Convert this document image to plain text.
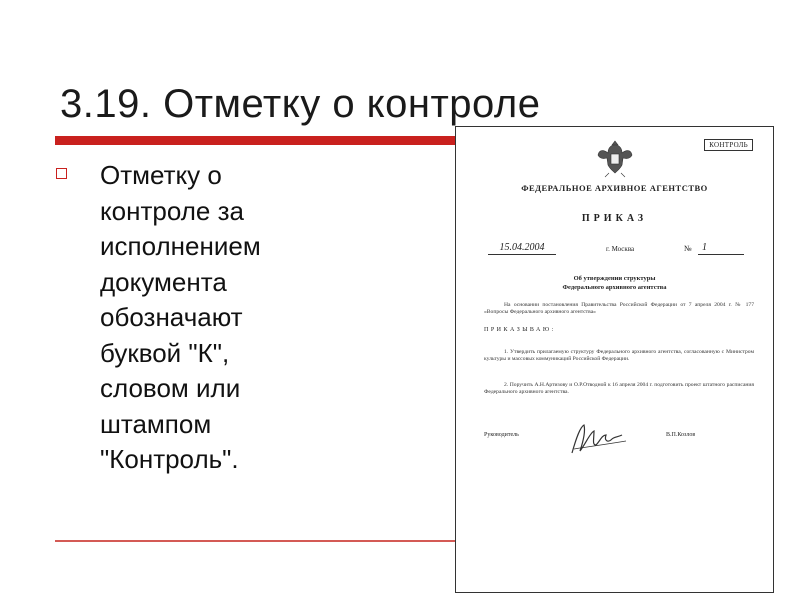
3.19. Отметку о контроле

Отметку о
контроле за
исполнением
документа
обозначают
буквой "К",
словом или
штампом
"Контроль".

КОНТРОЛЬ
ФЕДЕРАЛЬНОЕ АРХИВНОЕ АГЕНТСТВО
ПРИКАЗ
15.04.2004	г. Москва	№	1
Об утверждении структуры
Федерального архивного агентства
На основании постановления Правительства Российской Федерации от 7 апреля 2004 г. № 177 «Вопросы Федерального архивного агентства»
ПРИКАЗЫВАЮ:
1. Утвердить прилагаемую структуру Федерального архивного агентства, согласованную с Министром культуры и массовых коммуникаций Российской Федерации.
2. Поручить А.Н.Артизову и О.Р.Отводной к 16 апреля 2004 г. подготовить проект штатного расписания Федерального архивного агентства.
Руководитель	В.П.Козлов
